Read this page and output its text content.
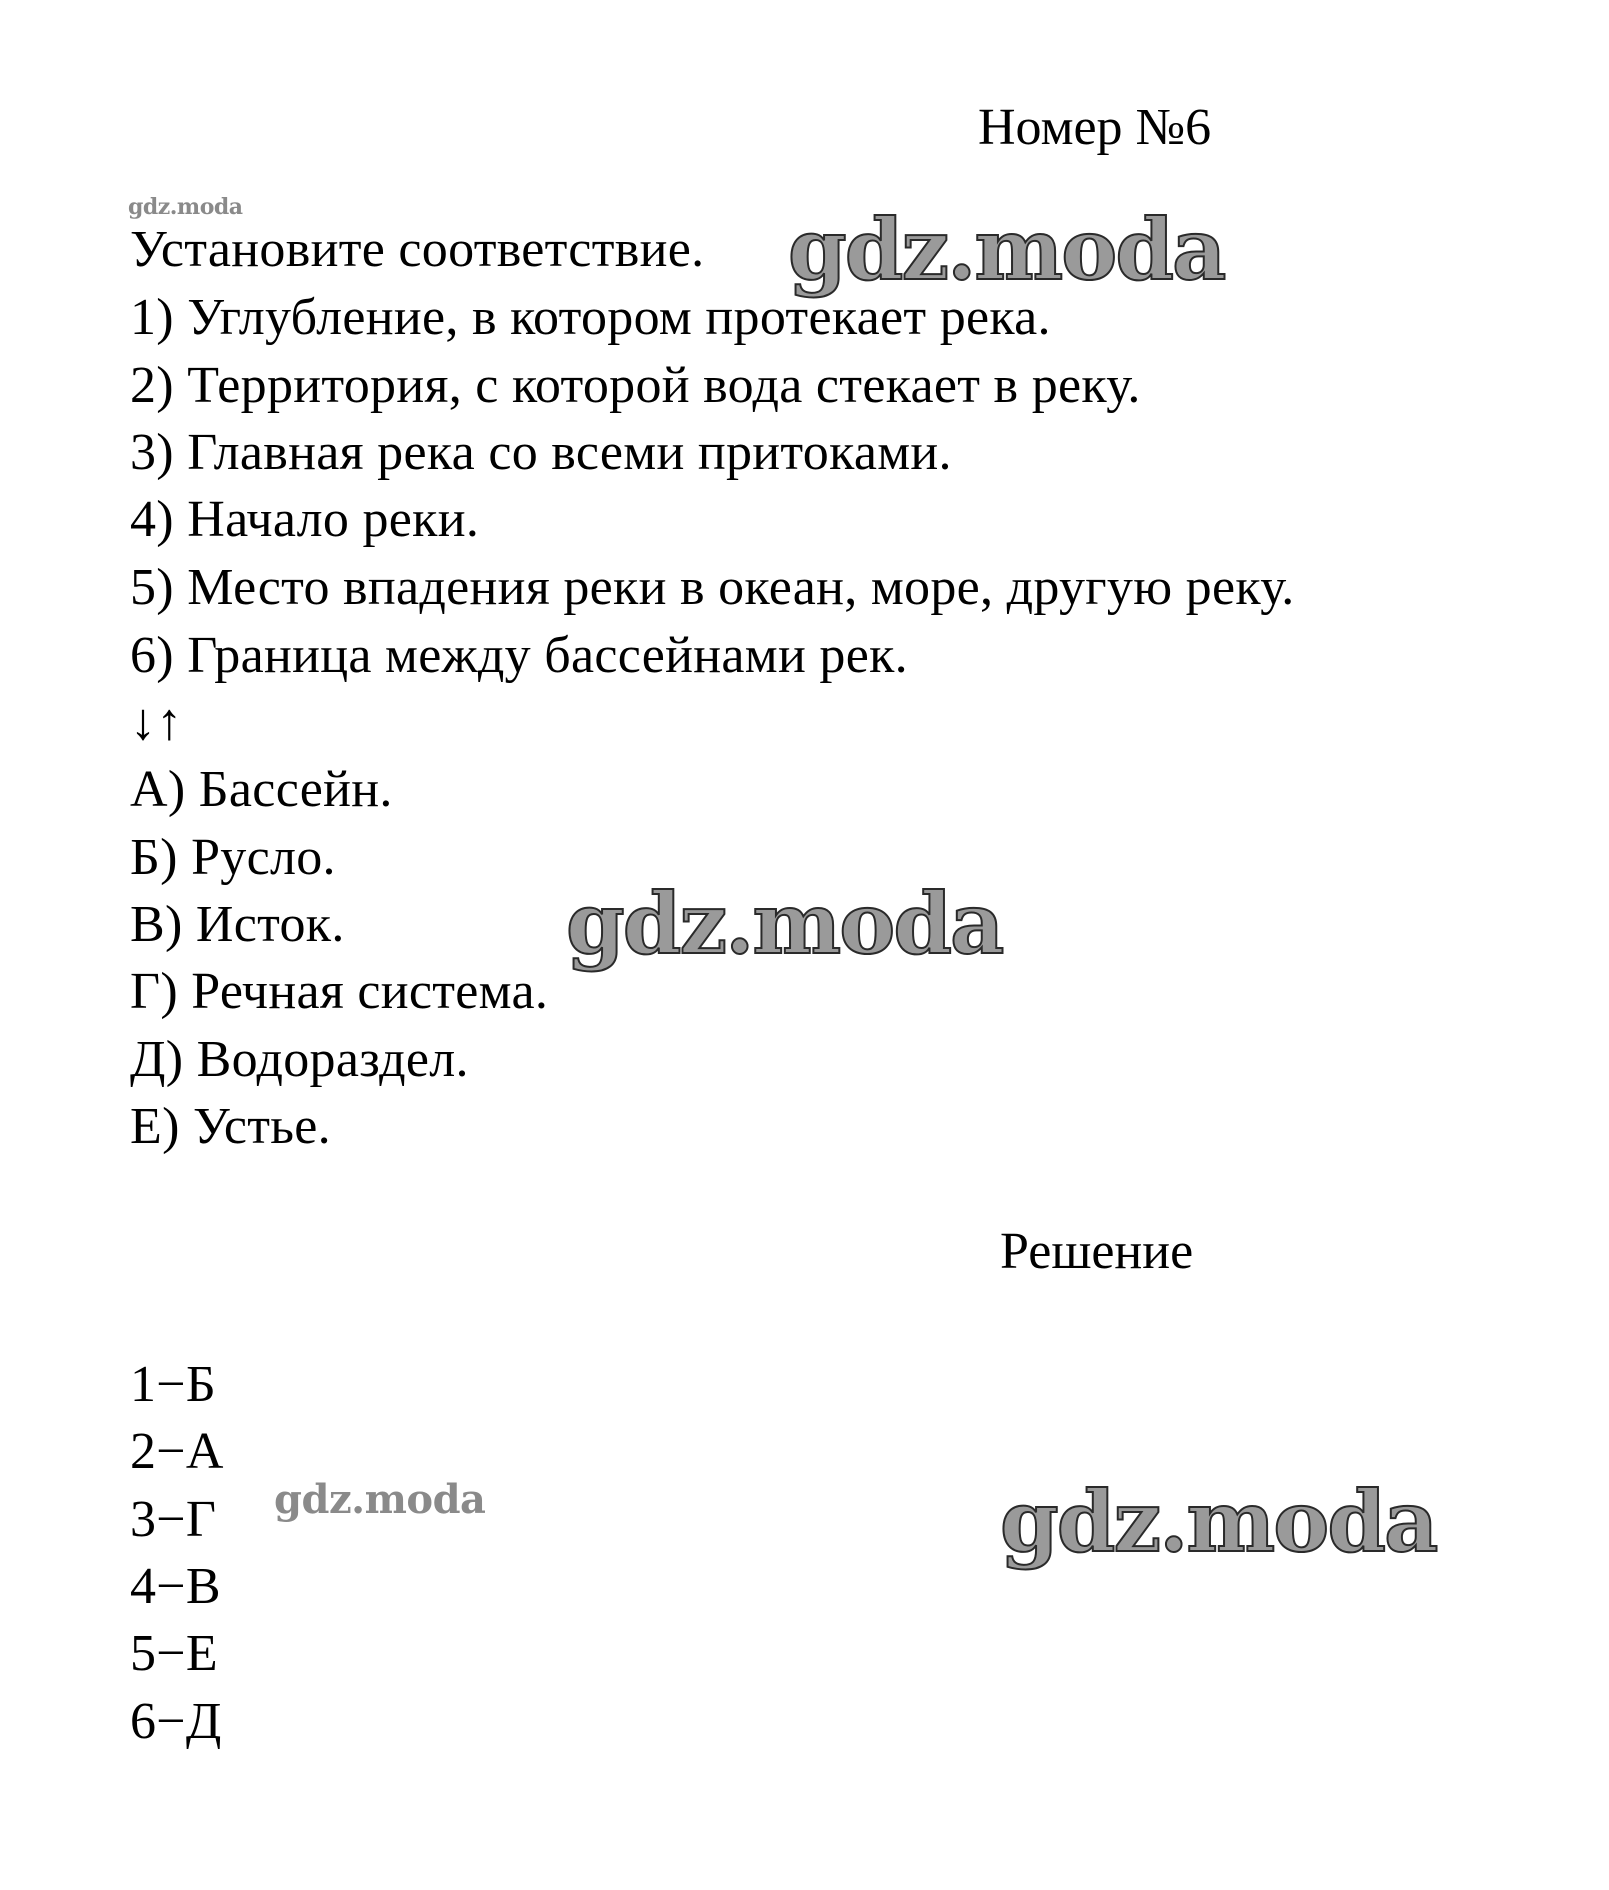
Номер №6
gdz.moda
Установите соответствие. gdz.moda
1) Углубление, в котором протекает река.
2) Территория, с которой вода стекает в реку.
3) Главная река со всеми притоками.
4) Начало реки.
5) Место впадения реки в океан, море, другую реку.
6) Граница между бассейнами рек.
↓↑
А) Бассейн.
Б) Русло.
В) Исток.	gdz.moda
Г) Речная система.
Д) Водораздел.
Е) Устье.
Решение
1−Б
2−А
3−Г gdz.moda
4−В
5−Е
6−Д
gdz.moda
